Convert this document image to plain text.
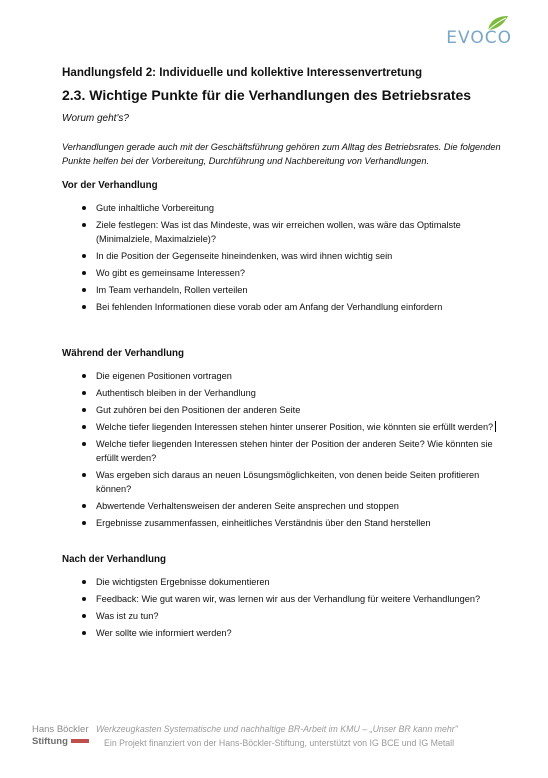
EVOCO
Handlungsfeld 2: Individuelle und kollektive Interessenvertretung
2.3. Wichtige Punkte für die Verhandlungen des Betriebsrates
Worum geht's?
Verhandlungen gerade auch mit der Geschäftsführung gehören zum Alltag des Betriebsrates. Die folgenden Punkte helfen bei der Vorbereitung, Durchführung und Nachbereitung von Verhandlungen.
Vor der Verhandlung
Gute inhaltliche Vorbereitung
Ziele festlegen: Was ist das Mindeste, was wir erreichen wollen, was wäre das Optimalste (Minimalziele, Maximalziele)?
In die Position der Gegenseite hineindenken, was wird ihnen wichtig sein
Wo gibt es gemeinsame Interessen?
Im Team verhandeln, Rollen verteilen
Bei fehlenden Informationen diese vorab oder am Anfang der Verhandlung einfordern
Während der Verhandlung
Die eigenen Positionen vortragen
Authentisch bleiben in der Verhandlung
Gut zuhören bei den Positionen der anderen Seite
Welche tiefer liegenden Interessen stehen hinter unserer Position, wie könnten sie erfüllt werden?
Welche tiefer liegenden Interessen stehen hinter der Position der anderen Seite? Wie könnten sie erfüllt werden?
Was ergeben sich daraus an neuen Lösungsmöglichkeiten, von denen beide Seiten profitieren können?
Abwertende Verhaltensweisen der anderen Seite ansprechen und stoppen
Ergebnisse zusammenfassen, einheitliches Verständnis über den Stand herstellen
Nach der Verhandlung
Die wichtigsten Ergebnisse dokumentieren
Feedback: Wie gut waren wir, was lernen wir aus der Verhandlung für weitere Verhandlungen?
Was ist zu tun?
Wer sollte wie informiert werden?
Hans Böckler
Stiftung
Werkzeugkasten Systematische und nachhaltige BR-Arbeit im KMU – „Unser BR kann mehr"
Ein Projekt finanziert von der Hans-Böckler-Stiftung, unterstützt von IG BCE und IG Metall
